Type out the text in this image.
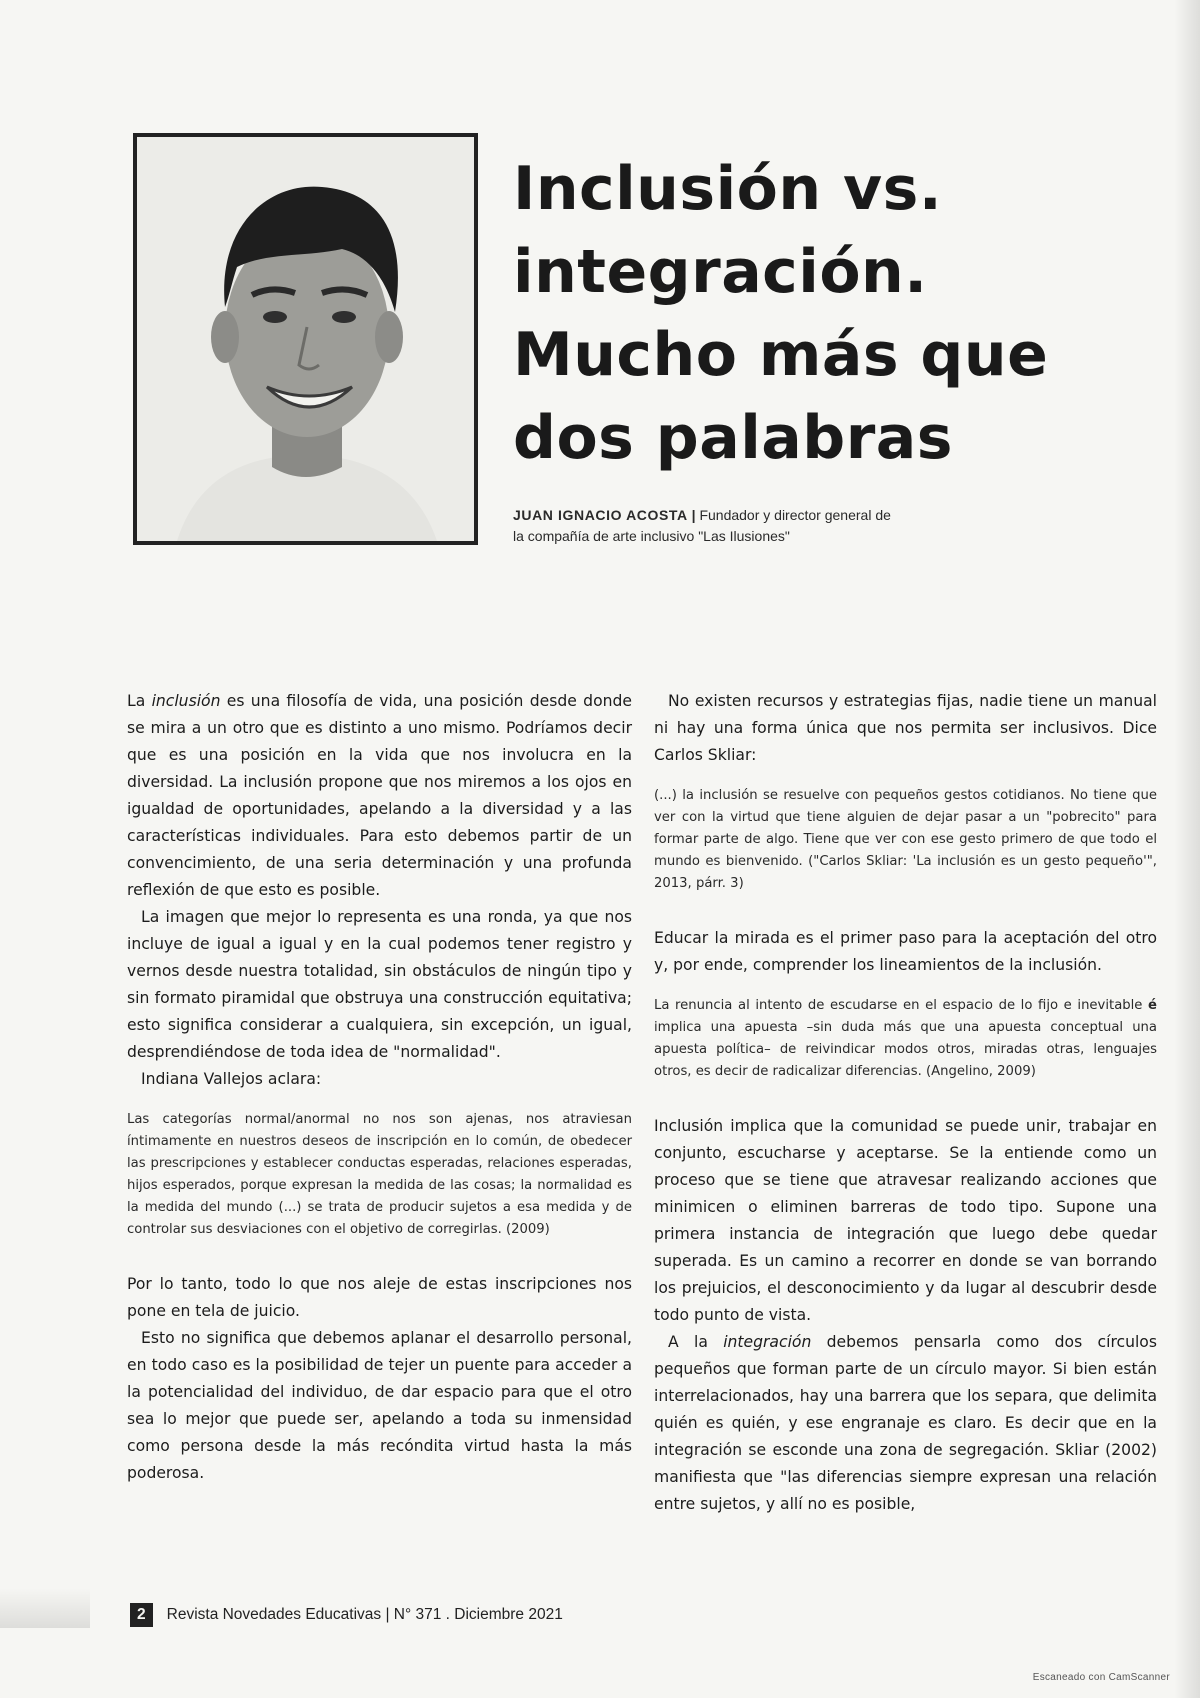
Inclusión vs.
integración.
Mucho más que
dos palabras
JUAN IGNACIO ACOSTA | Fundador y director general de
la compañía de arte inclusivo "Las Ilusiones"

La inclusión es una filosofía de vida, una posición desde donde se mira a un otro que es distinto a uno mismo. Podríamos decir que es una posición en la vida que nos involucra en la diversidad. La inclusión propone que nos miremos a los ojos en igualdad de oportunidades, apelando a la diversidad y a las características individuales. Para esto debemos partir de un convencimiento, de una seria determinación y una profunda reflexión de que esto es posible.

La imagen que mejor lo representa es una ronda, ya que nos incluye de igual a igual y en la cual podemos tener registro y vernos desde nuestra totalidad, sin obstáculos de ningún tipo y sin formato piramidal que obstruya una construcción equitativa; esto significa considerar a cualquiera, sin excepción, un igual, desprendiéndose de toda idea de "normalidad".

Indiana Vallejos aclara:

Las categorías normal/anormal no nos son ajenas, nos atraviesan íntimamente en nuestros deseos de inscripción en lo común, de obedecer las prescripciones y establecer conductas esperadas, relaciones esperadas, hijos esperados, porque expresan la medida de las cosas; la normalidad es la medida del mundo (...) se trata de producir sujetos a esa medida y de controlar sus desviaciones con el objetivo de corregirlas. (2009)

Por lo tanto, todo lo que nos aleje de estas inscripciones nos pone en tela de juicio.

Esto no significa que debemos aplanar el desarrollo personal, en todo caso es la posibilidad de tejer un puente para acceder a la potencialidad del individuo, de dar espacio para que el otro sea lo mejor que puede ser, apelando a toda su inmensidad como persona desde la más recóndita virtud hasta la más poderosa.

No existen recursos y estrategias fijas, nadie tiene un manual ni hay una forma única que nos permita ser inclusivos. Dice Carlos Skliar:

(...) la inclusión se resuelve con pequeños gestos cotidianos. No tiene que ver con la virtud que tiene alguien de dejar pasar a un "pobrecito" para formar parte de algo. Tiene que ver con ese gesto primero de que todo el mundo es bienvenido. ("Carlos Skliar: 'La inclusión es un gesto pequeño'", 2013, párr. 3)

Educar la mirada es el primer paso para la aceptación del otro y, por ende, comprender los lineamientos de la inclusión.

La renuncia al intento de escudarse en el espacio de lo fijo e inevitable é implica una apuesta –sin duda más que una apuesta conceptual una apuesta política– de reivindicar modos otros, miradas otras, lenguajes otros, es decir de radicalizar diferencias. (Angelino, 2009)

Inclusión implica que la comunidad se puede unir, trabajar en conjunto, escucharse y aceptarse. Se la entiende como un proceso que se tiene que atravesar realizando acciones que minimicen o eliminen barreras de todo tipo. Supone una primera instancia de integración que luego debe quedar superada. Es un camino a recorrer en donde se van borrando los prejuicios, el desconocimiento y da lugar al descubrir desde todo punto de vista.

A la integración debemos pensarla como dos círculos pequeños que forman parte de un círculo mayor. Si bien están interrelacionados, hay una barrera que los separa, que delimita quién es quién, y ese engranaje es claro. Es decir que en la integración se esconde una zona de segregación. Skliar (2002) manifiesta que "las diferencias siempre expresan una relación entre sujetos, y allí no es posible,

2	Revista Novedades Educativas | N° 371 . Diciembre 2021
Escaneado con CamScanner
